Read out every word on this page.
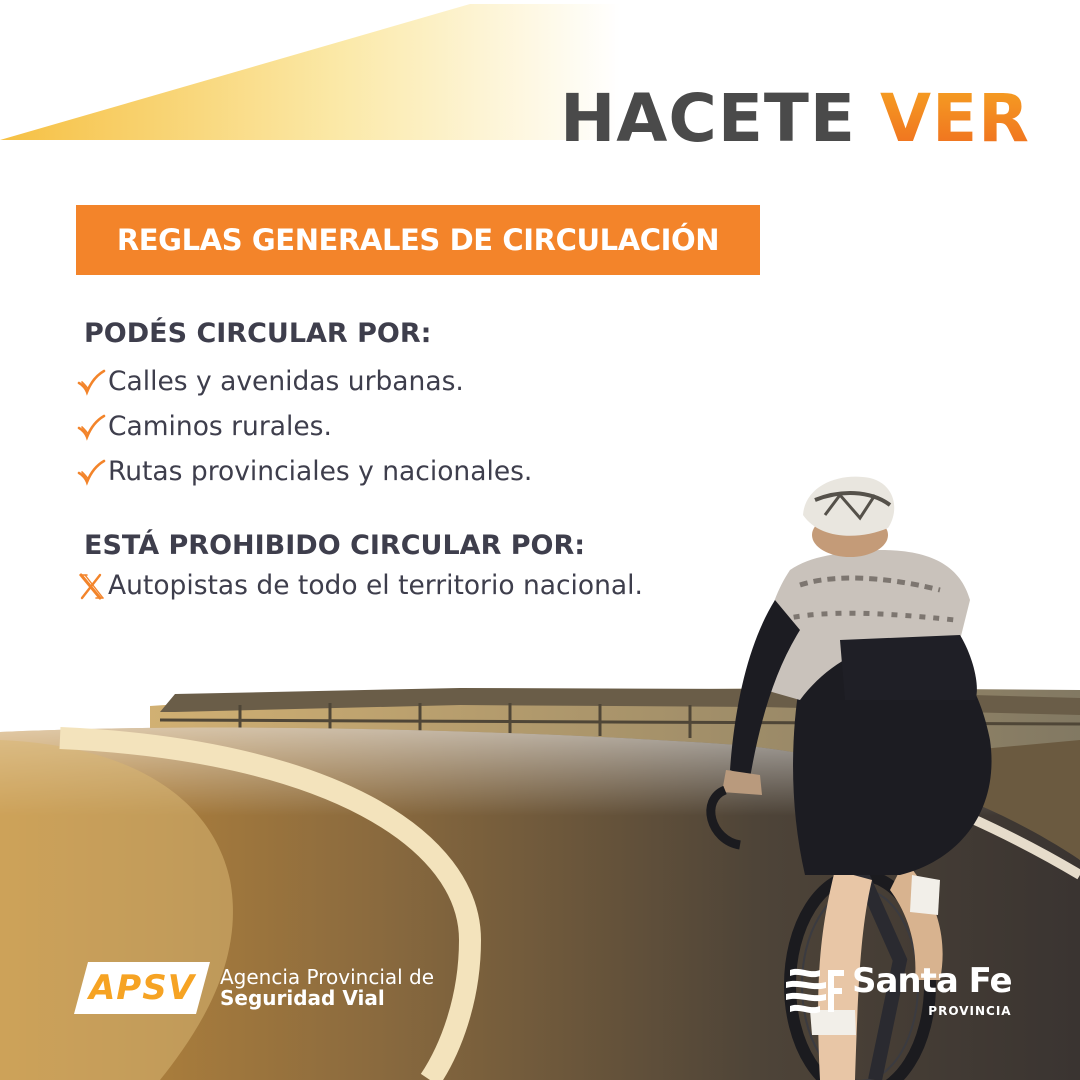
HACETE VER
REGLAS GENERALES DE CIRCULACIÓN
PODÉS CIRCULAR POR:
Calles y avenidas urbanas.
Caminos rurales.
Rutas provinciales y nacionales.
ESTÁ PROHIBIDO CIRCULAR POR:
Autopistas de todo el territorio nacional.
APSV	Agencia Provincial de
Seguridad Vial	Santa Fe
PROVINCIA
